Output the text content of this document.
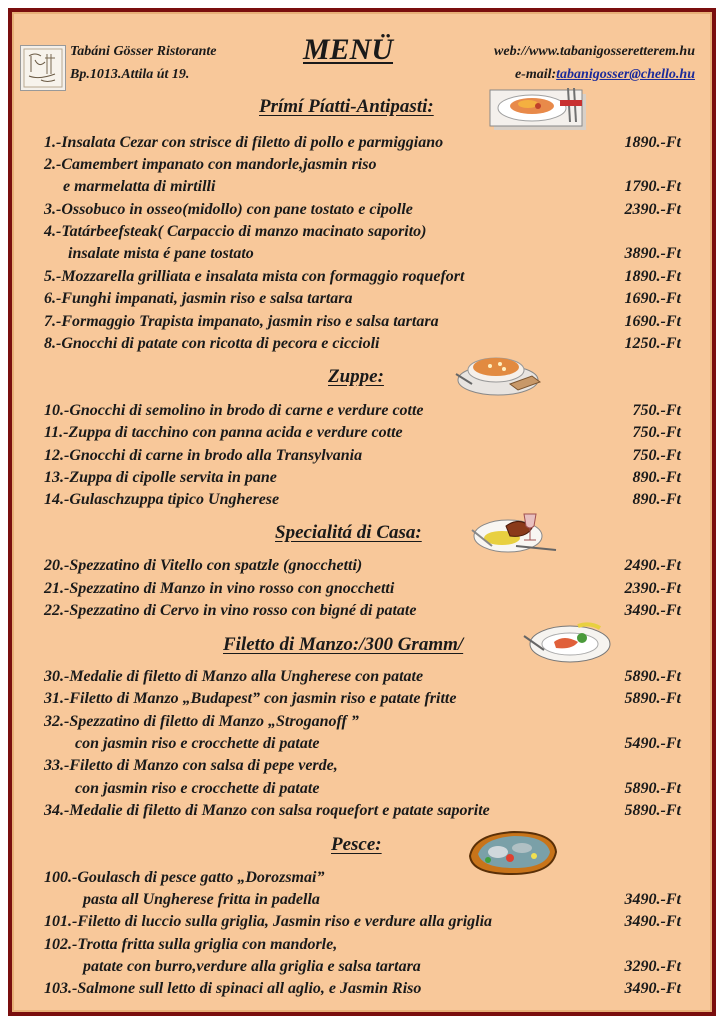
Tabáni Gösser Ristorante
Bp.1013.Attila út 19.
MENÜ	web://www.tabanigosseretterem.hu
e-mail:tabanigosser@chello.hu
Prímí Píatti-Antipasti:
1.-Insalata Cezar con strisce di filetto di pollo e parmiggiano	1890.-Ft
2.-Camembert impanato con mandorle,jasmin riso
e marmelatta di mirtilli	1790.-Ft
3.-Ossobuco in osseo(midollo) con pane tostato e cipolle	2390.-Ft
4.-Tatárbeefsteak( Carpaccio di manzo macinato saporito)
insalate mista é pane tostato	3890.-Ft
5.-Mozzarella grilliata e insalata mista con formaggio roquefort	1890.-Ft
6.-Funghi impanati, jasmin riso e salsa tartara	1690.-Ft
7.-Formaggio Trapista impanato, jasmin riso e salsa tartara	1690.-Ft
8.-Gnocchi di patate con ricotta di pecora e ciccioli	1250.-Ft
Zuppe:
10.-Gnocchi di semolino in brodo di carne e verdure cotte	750.-Ft
11.-Zuppa di tacchino con panna acida e verdure cotte	750.-Ft
12.-Gnocchi di carne in brodo alla Transylvania	750.-Ft
13.-Zuppa di cipolle servita in pane	890.-Ft
14.-Gulaschzuppa tipico Ungherese	890.-Ft
Specialitá di Casa:
20.-Spezzatino di Vitello con spatzle (gnocchetti)	2490.-Ft
21.-Spezzatino di Manzo in vino rosso con gnocchetti	2390.-Ft
22.-Spezzatino di Cervo in vino rosso con bigné di patate	3490.-Ft
Filetto di Manzo:/300 Gramm/
30.-Medalie di filetto di Manzo alla Ungherese con patate	5890.-Ft
31.-Filetto di Manzo „Budapest” con jasmin riso e patate fritte	5890.-Ft
32.-Spezzatino di filetto di Manzo „Stroganoff ”
con jasmin riso e crocchette di patate	5490.-Ft
33.-Filetto di Manzo con salsa di pepe verde,
con jasmin riso e crocchette di patate	5890.-Ft
34.-Medalie di filetto di Manzo con salsa roquefort e patate saporite	5890.-Ft
Pesce:
100.-Goulasch di pesce gatto „Dorozsmai”
pasta all Ungherese fritta in padella	3490.-Ft
101.-Filetto di luccio sulla griglia, Jasmin riso e verdure alla griglia	3490.-Ft
102.-Trotta fritta sulla griglia con mandorle,
patate con burro,verdure alla griglia e salsa tartara	3290.-Ft
103.-Salmone sull letto di spinaci all aglio, e Jasmin Riso	3490.-Ft
